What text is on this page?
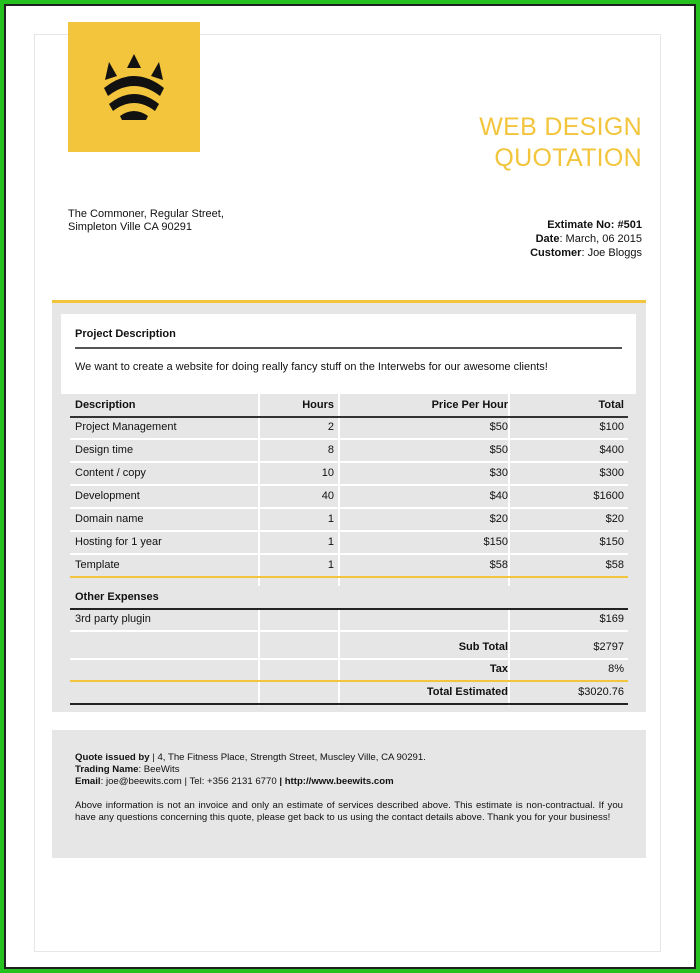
WEB DESIGN
QUOTATION
The Commoner, Regular Street,
Simpleton Ville CA 90291	Extimate No: #501
Date: March, 06 2015
Customer: Joe Bloggs
Project Description
We want to create a website for doing really fancy stuff on the Interwebs for our awesome clients!
Description	Hours	Price Per Hour	Total
Project Management	2	$50	$100
Design time	8	$50	$400
Content / copy	10	$30	$300
Development	40	$40	$1600
Domain name	1	$20	$20
Hosting for 1 year	1	$150	$150
Template	1	$58	$58
Other Expenses
3rd party plugin	$169
Sub Total	$2797
Tax	8%
Total Estimated	$3020.76
Quote issued by | 4, The Fitness Place, Strength Street, Muscley Ville, CA 90291.
Trading Name: BeeWits
Email: joe@beewits.com | Tel: +356 2131 6770 | http://www.beewits.com
Above information is not an invoice and only an estimate of services described above. This estimate is non-contractual. If you have any questions concerning this quote, please get back to us using the contact details above. Thank you for your business!
